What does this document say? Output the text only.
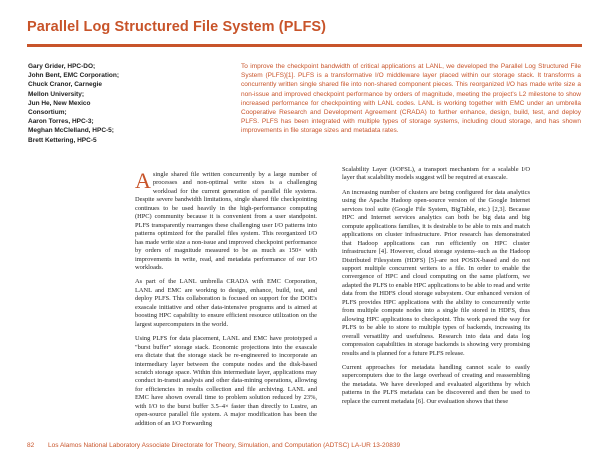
Parallel Log Structured File System (PLFS)
Gary Grider, HPC-DO;
John Bent, EMC Corporation;
Chuck Cranor, Carnegie
Mellon University;
Jun He, New Mexico
Consortium;
Aaron Torres, HPC-3;
Meghan McClelland, HPC-5;
Brett Kettering, HPC-5
To improve the checkpoint bandwidth of critical applications at LANL, we developed the Parallel Log Structured File System (PLFS)[1]. PLFS is a transformative I/O middleware layer placed within our storage stack. It transforms a concurrently written single shared file into non-shared component pieces. This reorganized I/O has made write size a non-issue and improved checkpoint performance by orders of magnitude, meeting the project's L2 milestone to show increased performance for checkpointing with LANL codes. LANL is working together with EMC under an umbrella Cooperative Research and Development Agreement (CRADA) to further enhance, design, build, test, and deploy PLFS. PLFS has been integrated with multiple types of storage systems, including cloud storage, and has shown improvements in file storage sizes and metadata rates.

Asingle shared file written concurrently by a large number of processes and non-optimal write sizes is a challenging workload for the current generation of parallel file systems. Despite severe bandwidth limitations, single shared file checkpointing continues to be used heavily in the high-performance computing (HPC) community because it is convenient from a user standpoint. PLFS transparently rearranges these challenging user I/O patterns into patterns optimized for the parallel files system. This reorganized I/O has made write size a non-issue and improved checkpoint performance by orders of magnitude measured to be as much as 150× with improvements in write, read, and metadata performance of our I/O workloads.

As part of the LANL umbrella CRADA with EMC Corporation, LANL and EMC are working to design, enhance, build, test, and deploy PLFS. This collaboration is focused on support for the DOE's exascale initiative and other data-intensive programs and is aimed at boosting HPC capability to ensure efficient resource utilization on the largest supercomputers in the world.

Using PLFS for data placement, LANL and EMC have prototyped a "burst buffer" storage stack. Economic projections into the exascale era dictate that the storage stack be re-engineered to incorporate an intermediary layer between the compute nodes and the disk-based scratch storage space. Within this intermediate layer, applications may conduct in-transit analysis and other data-mining operations, allowing for efficiencies in results collection and file archiving. LANL and EMC have shown overall time to problem solution reduced by 23%, with I/O to the burst buffer 3.5–4× faster than directly to Lustre, an open-source parallel file system. A major modification has been the addition of an I/O Forwarding

Scalability Layer (I/OFSL), a transport mechanism for a scalable I/O layer that scalability models suggest will be required at exascale.

An increasing number of clusters are being configured for data analytics using the Apache Hadoop open-source version of the Google Internet services tool suite (Google File System, BigTable, etc.) [2,3]. Because HPC and Internet services analytics can both be big data and big compute applications families, it is desirable to be able to mix and match applications on cluster infrastructure. Prior research has demonstrated that Hadoop applications can run efficiently on HPC cluster infrastructure [4]. However, cloud storage systems–such as the Hadoop Distributed Filesystem (HDFS) [5]–are not POSIX-based and do not support multiple concurrent writers to a file. In order to enable the convergence of HPC and cloud computing on the same platform, we adapted the PLFS to enable HPC applications to be able to read and write data from the HDFS cloud storage subsystem. Our enhanced version of PLFS provides HPC applications with the ability to concurrently write from multiple compute nodes into a single file stored in HDFS, thus allowing HPC applications to checkpoint. This work paved the way for PLFS to be able to store to multiple types of backends, increasing its overall versatility and usefulness. Research into data and data log compression capabilities in storage backends is showing very promising results and is planned for a future PLFS release.

Current approaches for metadata handling cannot scale to easily supercomputers due to the large overhead of creating and reassembling the metadata. We have developed and evaluated algorithms by which patterns in the PLFS metadata can be discovered and then be used to replace the current metadata [6]. Our evaluation shows that these

82 Los Alamos National Laboratory Associate Directorate for Theory, Simulation, and Computation (ADTSC) LA-UR 13-20839
